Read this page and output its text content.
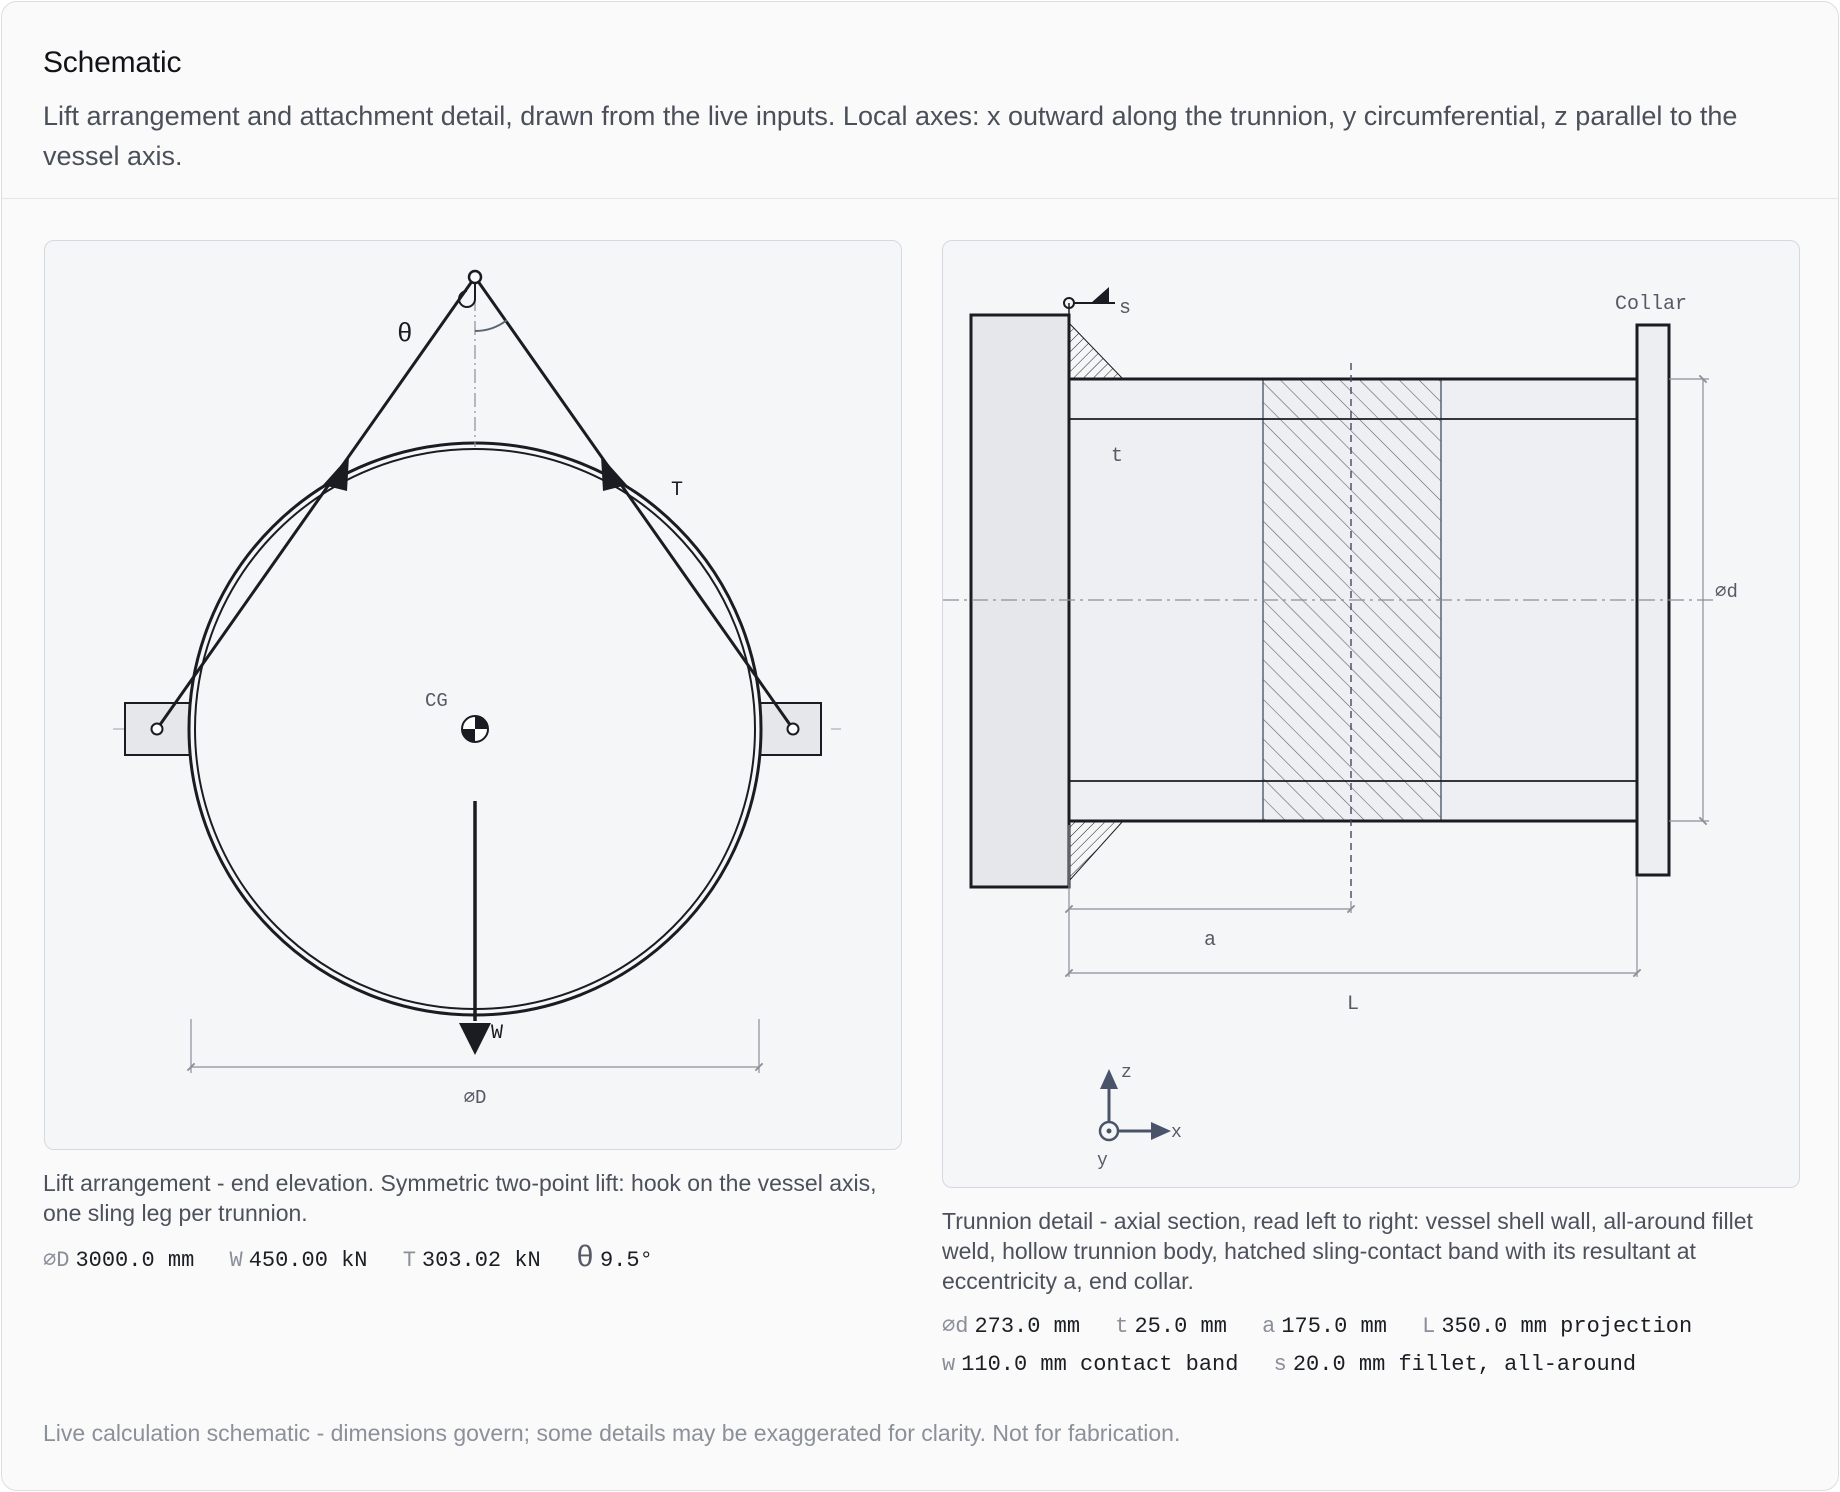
Schematic
Lift arrangement and attachment detail, drawn from the live inputs. Local axes: x outward along the trunnion, y circumferential, z parallel to the vessel axis.
θ
T
CG
W
⌀D
Lift arrangement - end elevation. Symmetric two-point lift: hook on the vessel axis, one sling leg per trunnion.
⌀D 3000.0 mm W 450.00 kN T 303.02 kN θ 9.5°
s	Collar
t
⌀d
a
L
z
x
y
Trunnion detail - axial section, read left to right: vessel shell wall, all-around fillet weld, hollow trunnion body, hatched sling-contact band with its resultant at eccentricity a, end collar.
⌀d 273.0 mm t 25.0 mm a 175.0 mm L 350.0 mm projection
w 110.0 mm contact band s 20.0 mm fillet, all-around
Live calculation schematic - dimensions govern; some details may be exaggerated for clarity. Not for fabrication.
